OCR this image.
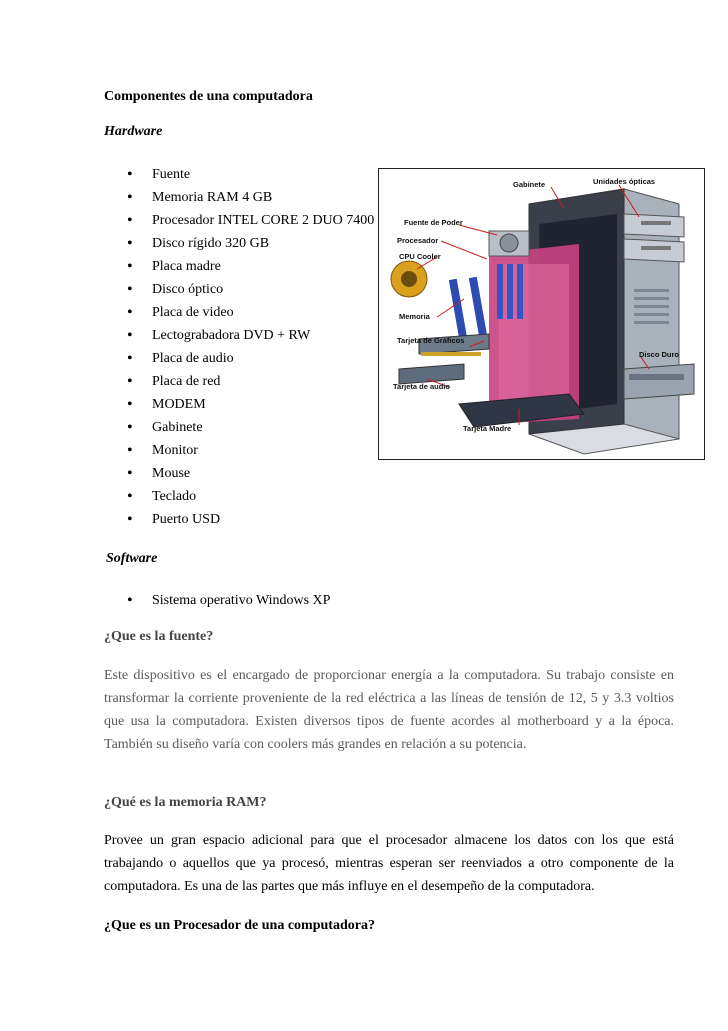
Componentes de una computadora
Hardware
• Fuente
• Memoria RAM 4 GB
• Procesador INTEL CORE 2 DUO 7400
• Disco rígido 320 GB
• Placa madre
• Disco óptico
• Placa de video
• Lectograbadora DVD + RW
• Placa de audio
• Placa de red
• MODEM
• Gabinete
• Monitor
• Mouse
• Teclado
• Puerto USD
Gabinete	Unidades ópticas
Fuente de Poder
Procesador
CPU Cooler
Memoria
Tarjeta de Gráficos
Disco Duro
Tarjeta de audio
Tarjeta Madre
Software
• Sistema operativo Windows XP
¿Que es la fuente?
Este dispositivo es el encargado de proporcionar energía a la computadora. Su trabajo consiste en transformar la corriente proveniente de la red eléctrica a las líneas de tensión de 12, 5 y 3.3 voltios que usa la computadora. Existen diversos tipos de fuente acordes al motherboard y a la época. También su diseño varía con coolers más grandes en relación a su potencia.
¿Qué es la memoria RAM?
Provee un gran espacio adicional para que el procesador almacene los datos con los que está trabajando o aquellos que ya procesó, mientras esperan ser reenviados a otro componente de la computadora. Es una de las partes que más influye en el desempeño de la computadora.
¿Que es un Procesador de una computadora?
